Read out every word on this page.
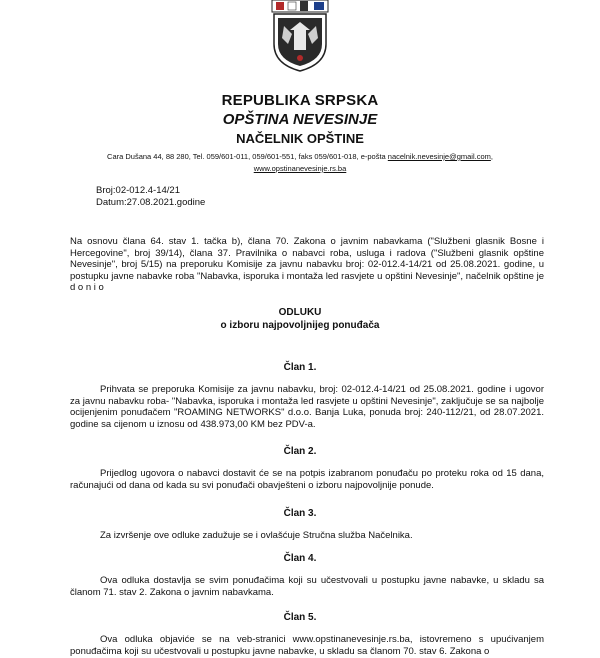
REPUBLIKA SRPSKA
OPŠTINA NEVESINJE
NAČELNIK OPŠTINE
Cara Dušana 44, 88 280, Tel. 059/601-011, 059/601-551, faks 059/601-018, e-pošta nacelnik.nevesinje@gmail.com,
www.opstinanevesinje.rs.ba
Broj:02-012.4-14/21
Datum:27.08.2021.godine
Na osnovu člana 64. stav 1. tačka b), člana 70. Zakona o javnim nabavkama ("Službeni glasnik Bosne i Hercegovine", broj 39/14), člana 37. Pravilnika o nabavci roba, usluga i radova ("Službeni glasnik opštine Nevesinje", broj 5/15) na preporuku Komisije za javnu nabavku broj: 02-012.4-14/21 od 25.08.2021. godine, u postupku javne nabavke roba "Nabavka, isporuka i montaža led rasvjete u opštini Nevesinje", načelnik opštine je d o n i o
ODLUKU
o izboru najpovoljnijeg ponuđača
Član 1.
Prihvata se preporuka Komisije za javnu nabavku, broj: 02-012.4-14/21 od 25.08.2021. godine i ugovor za javnu nabavku roba- "Nabavka, isporuka i montaža led rasvjete u opštini Nevesinje", zaključuje se sa najbolje ocijenjenim ponuđačem "ROAMING NETWORKS" d.o.o. Banja Luka, ponuda broj: 240-112/21, od 28.07.2021. godine sa cijenom u iznosu od 438.973,00 KM bez PDV-a.
Član 2.
Prijedlog ugovora o nabavci dostavit će se na potpis izabranom ponuđaču po proteku roka od 15 dana, računajući od dana od kada su svi ponuđači obavješteni o izboru najpovoljnije ponude.
Član 3.
Za izvršenje ove odluke zadužuje se i ovlašćuje Stručna služba Načelnika.
Član 4.
Ova odluka dostavlja se svim ponuđačima koji su učestvovali u postupku javne nabavke, u skladu sa članom 71. stav 2. Zakona o javnim nabavkama.
Član 5.
Ova odluka objaviće se na veb-stranici www.opstinanevesinje.rs.ba, istovremeno s upućivanjem ponuđačima koji su učestvovali u postupku javne nabavke, u skladu sa članom 70. stav 6. Zakona o
